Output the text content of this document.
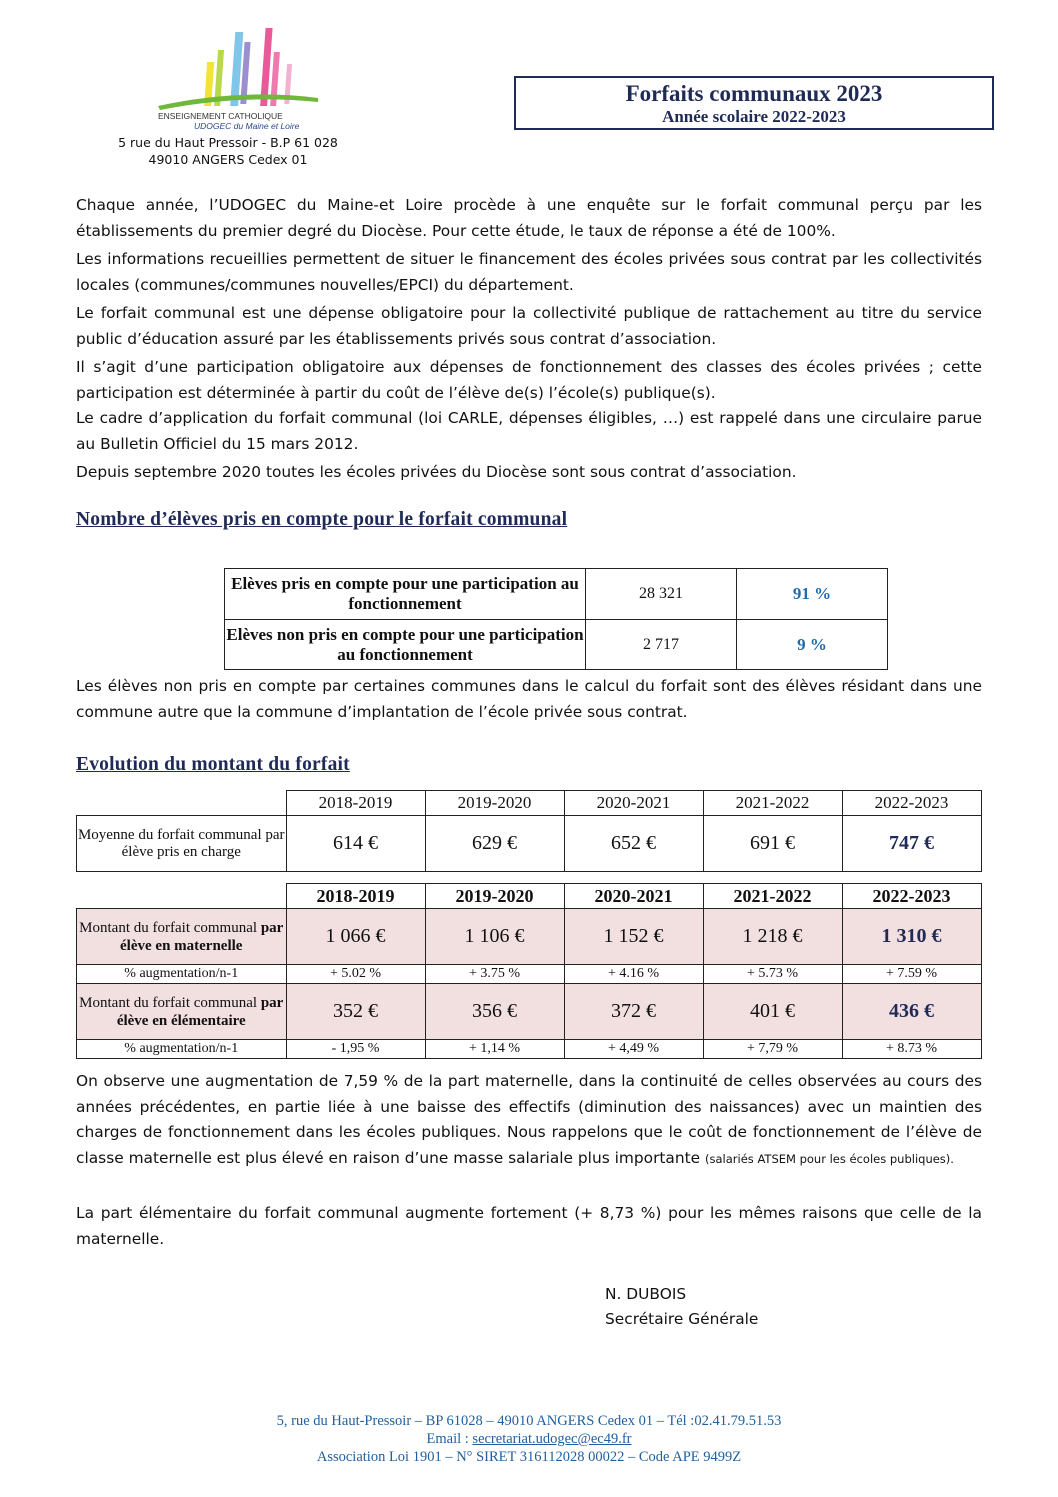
ENSEIGNEMENT CATHOLIQUE
UDOGEC du Maine et Loire
5 rue du Haut Pressoir - B.P 61 028
49010 ANGERS Cedex 01
Forfaits communaux 2023
Année scolaire 2022-2023
Chaque année, l’UDOGEC du Maine-et Loire procède à une enquête sur le forfait communal perçu par les établissements du premier degré du Diocèse. Pour cette étude, le taux de réponse a été de 100%.
Les informations recueillies permettent de situer le financement des écoles privées sous contrat par les collectivités locales (communes/communes nouvelles/EPCI) du département.
Le forfait communal est une dépense obligatoire pour la collectivité publique de rattachement au titre du service public d’éducation assuré par les établissements privés sous contrat d’association.
Il s’agit d’une participation obligatoire aux dépenses de fonctionnement des classes des écoles privées ; cette participation est déterminée à partir du coût de l’élève de(s) l’école(s) publique(s).
Le cadre d’application du forfait communal (loi CARLE, dépenses éligibles, …) est rappelé dans une circulaire parue au Bulletin Officiel du 15 mars 2012.
Depuis septembre 2020 toutes les écoles privées du Diocèse sont sous contrat d’association.
Nombre d’élèves pris en compte pour le forfait communal
Elèves pris en compte pour une participation au fonctionnement	28 321	91 %
Elèves non pris en compte pour une participation au fonctionnement	2 717	9 %
Les élèves non pris en compte par certaines communes dans le calcul du forfait sont des élèves résidant dans une commune autre que la commune d’implantation de l’école privée sous contrat.
Evolution du montant du forfait
	2018-2019	2019-2020	2020-2021	2021-2022	2022-2023
Moyenne du forfait communal par élève pris en charge	614 €	629 €	652 €	691 €	747 €
	2018-2019	2019-2020	2020-2021	2021-2022	2022-2023
Montant du forfait communal par élève en maternelle	1 066 €	1 106 €	1 152 €	1 218 €	1 310 €
% augmentation/n-1	+ 5.02 %	+ 3.75 %	+ 4.16 %	+ 5.73 %	+ 7.59 %
Montant du forfait communal par élève en élémentaire	352 €	356 €	372 €	401 €	436 €
% augmentation/n-1	- 1,95 %	+ 1,14 %	+ 4,49 %	+ 7,79 %	+ 8.73 %
On observe une augmentation de 7,59 % de la part maternelle, dans la continuité de celles observées au cours des années précédentes, en partie liée à une baisse des effectifs (diminution des naissances) avec un maintien des charges de fonctionnement dans les écoles publiques. Nous rappelons que le coût de fonctionnement de l’élève de classe maternelle est plus élevé en raison d’une masse salariale plus importante (salariés ATSEM pour les écoles publiques).
La part élémentaire du forfait communal augmente fortement (+ 8,73 %) pour les mêmes raisons que celle de la maternelle.
N. DUBOIS
Secrétaire Générale
5, rue du Haut-Pressoir – BP 61028 – 49010 ANGERS Cedex 01 – Tél :02.41.79.51.53
Email : secretariat.udogec@ec49.fr
Association Loi 1901 – N° SIRET 316112028 00022 – Code APE 9499Z
